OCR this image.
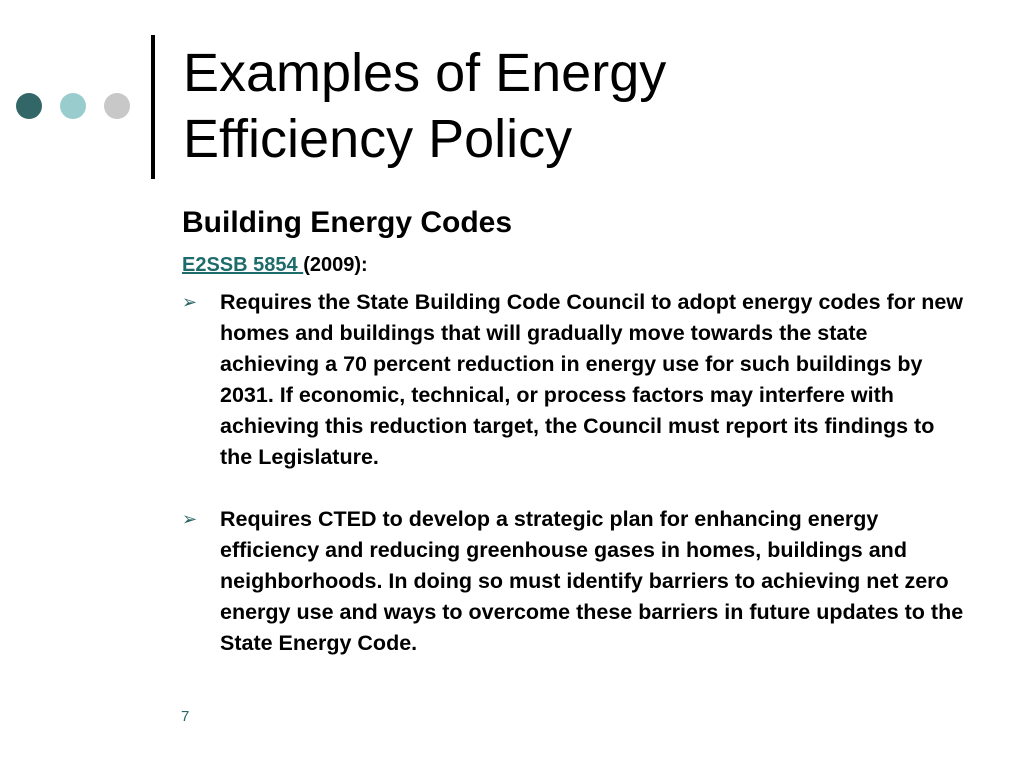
Examples of Energy
Efficiency Policy
Building Energy Codes
E2SSB 5854 (2009):
➢	Requires the State Building Code Council to adopt energy codes for new homes and buildings that will gradually move towards the state achieving a 70 percent reduction in energy use for such buildings by 2031. If economic, technical, or process factors may interfere with achieving this reduction target, the Council must report its findings to the Legislature.
➢	Requires CTED to develop a strategic plan for enhancing energy efficiency and reducing greenhouse gases in homes, buildings and neighborhoods. In doing so must identify barriers to achieving net zero energy use and ways to overcome these barriers in future updates to the State Energy Code.
7
